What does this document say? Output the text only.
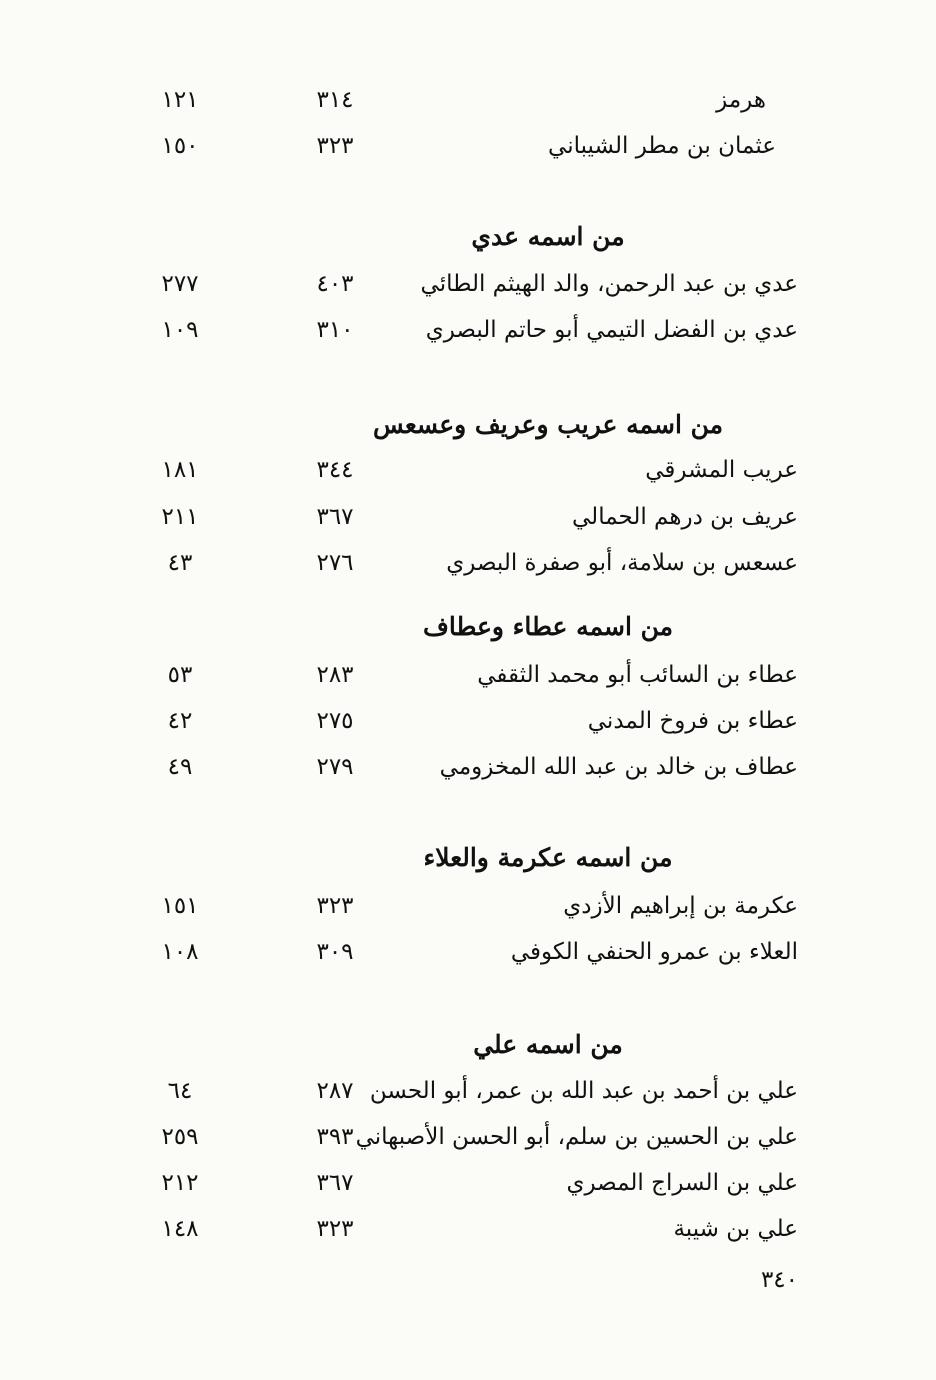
هرمز
٣١٤
١٢١
عثمان بن مطر الشيباني
٣٢٣
١٥٠
من اسمه عدي
عدي بن عبد الرحمن، والد الهيثم الطائي
٤٠٣
٢٧٧
عدي بن الفضل التيمي أبو حاتم البصري
٣١٠
١٠٩
من اسمه عريب وعريف وعسعس
عريب المشرقي
٣٤٤
١٨١
عريف بن درهم الحمالي
٣٦٧
٢١١
عسعس بن سلامة، أبو صفرة البصري
٢٧٦
٤٣
من اسمه عطاء وعطاف
عطاء بن السائب أبو محمد الثقفي
٢٨٣
٥٣
عطاء بن فروخ المدني
٢٧٥
٤٢
عطاف بن خالد بن عبد الله المخزومي
٢٧٩
٤٩
من اسمه عكرمة والعلاء
عكرمة بن إبراهيم الأزدي
٣٢٣
١٥١
العلاء بن عمرو الحنفي الكوفي
٣٠٩
١٠٨
من اسمه علي
علي بن أحمد بن عبد الله بن عمر، أبو الحسن
٢٨٧
٦٤
علي بن الحسين بن سلم، أبو الحسن الأصبهاني
٣٩٣
٢٥٩
علي بن السراج المصري
٣٦٧
٢١٢
علي بن شيبة
٣٢٣
١٤٨
٣٤٠
